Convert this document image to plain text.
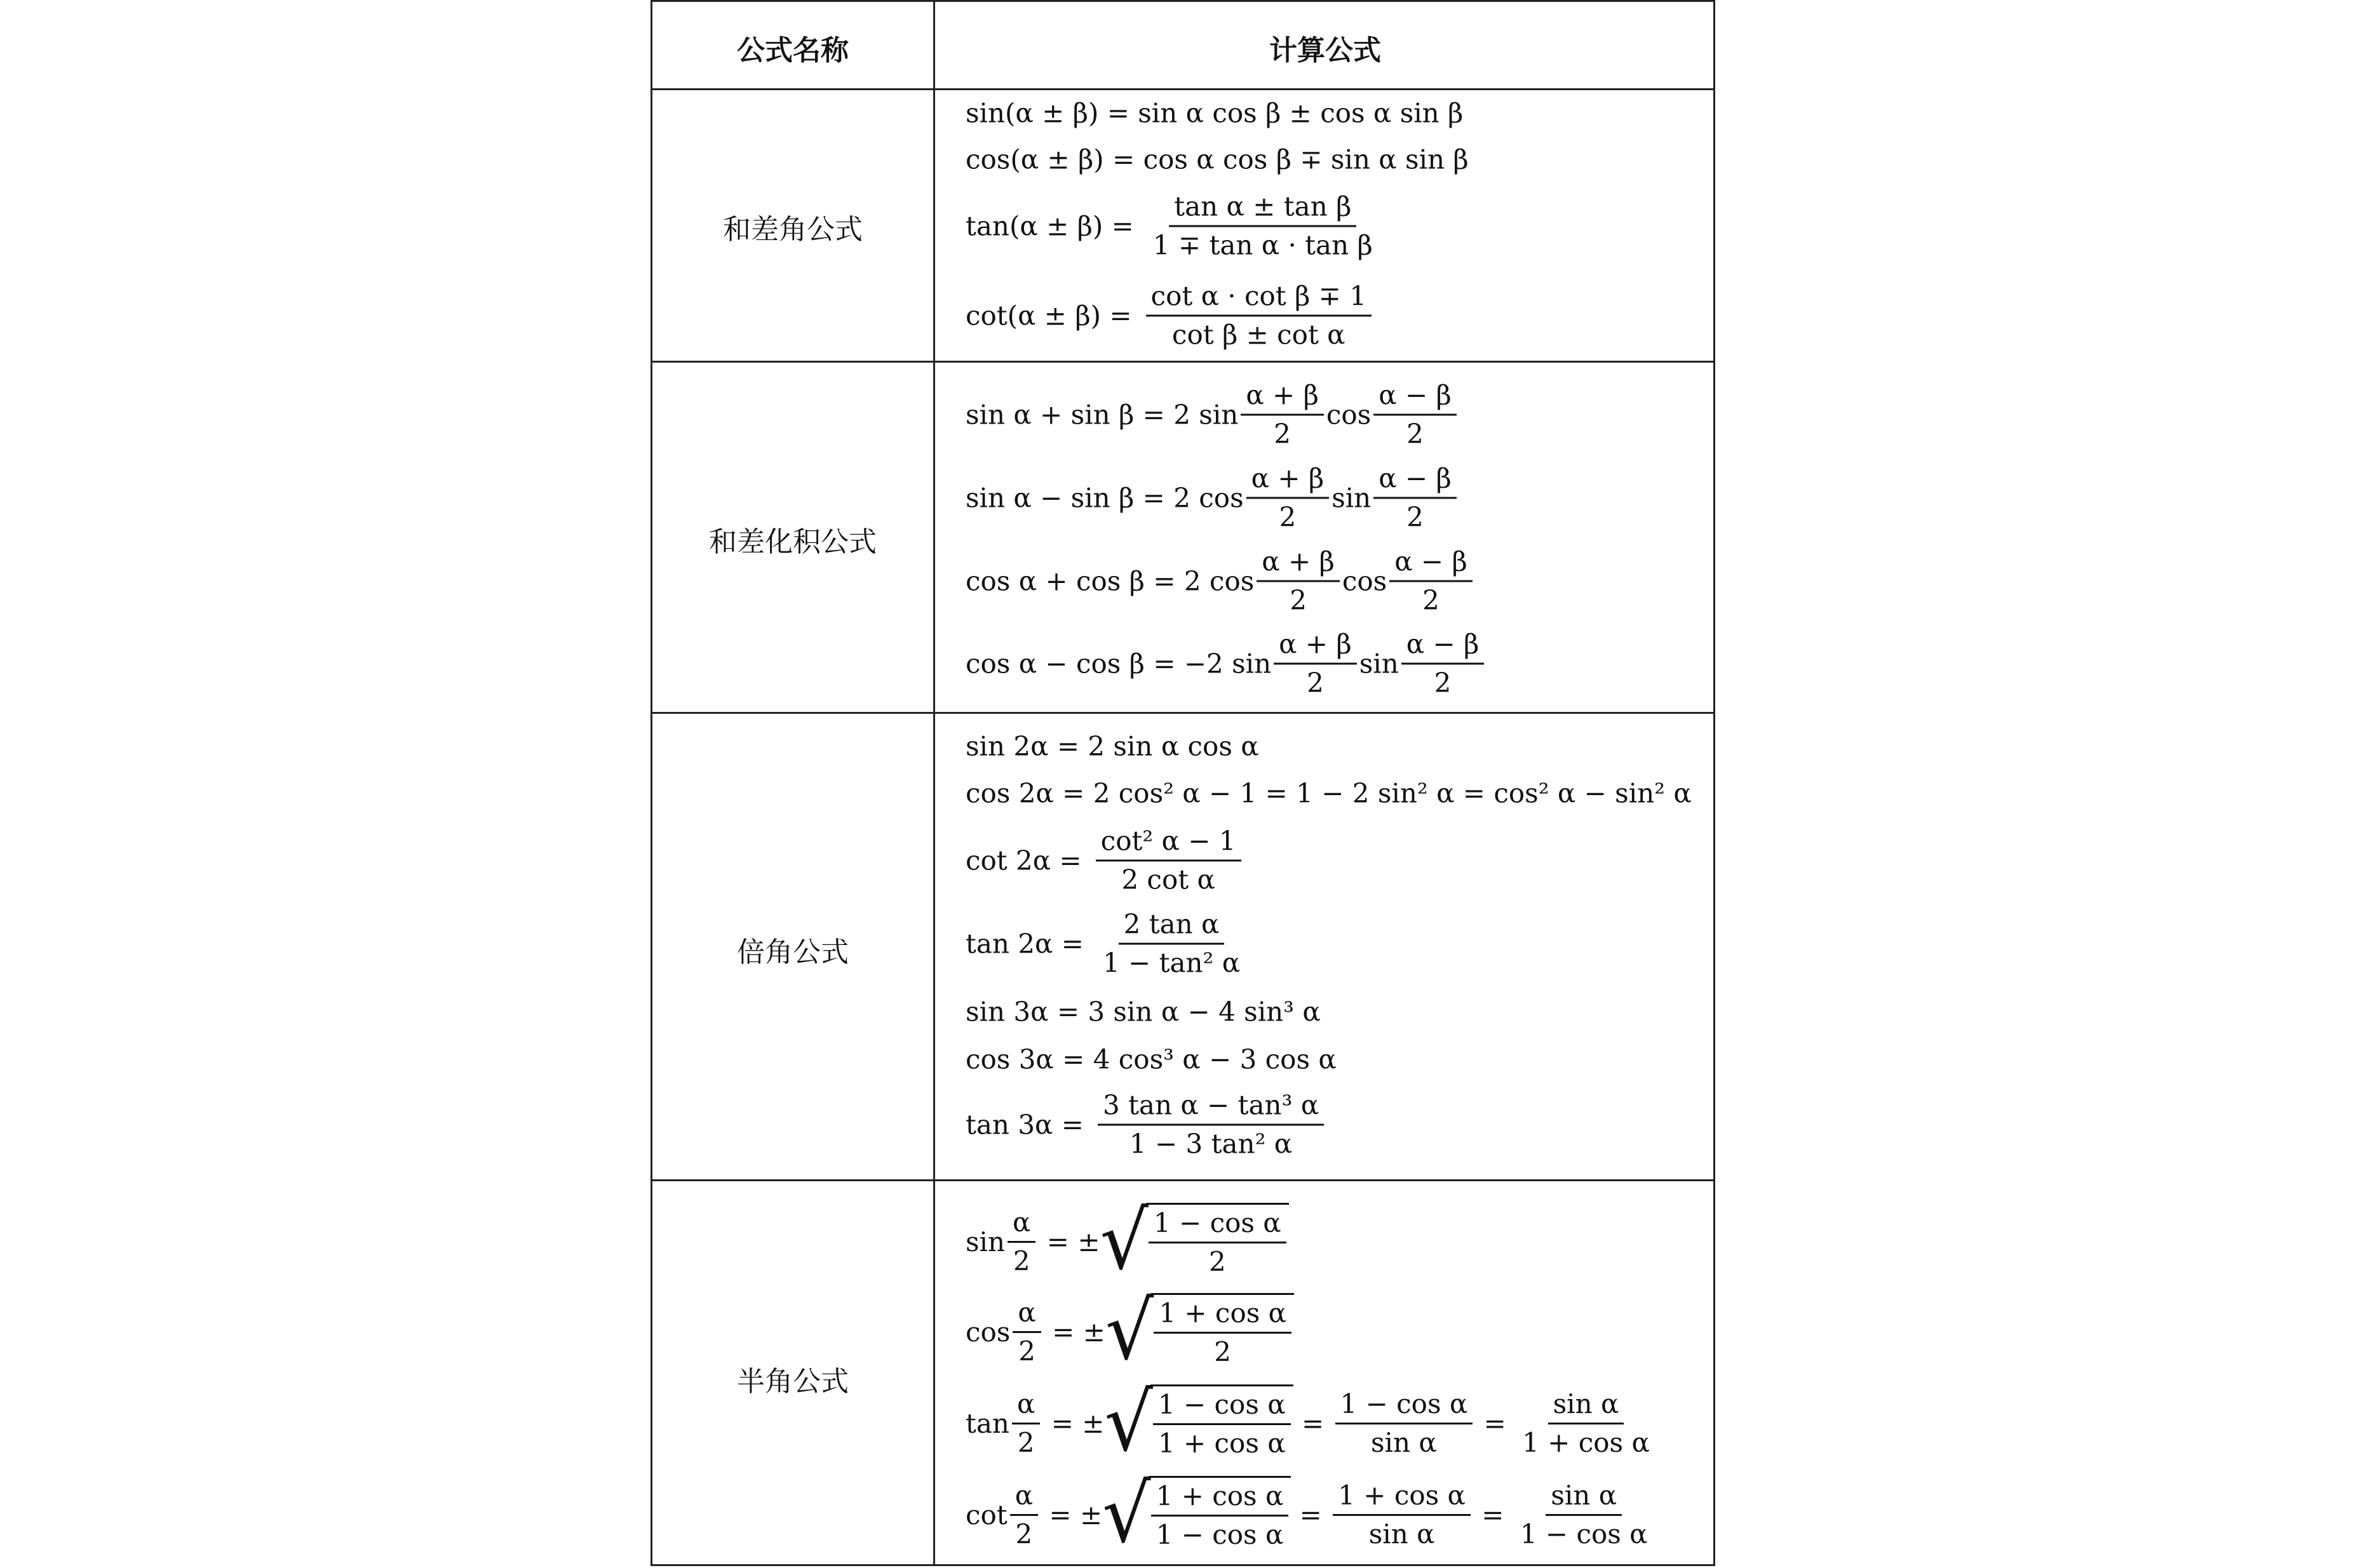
公式名称	计算公式
和差角公式
和差化积公式
倍角公式
半角公式
sin(α ± β) = sin α cos β ± cos α sin β
cos(α ± β) = cos α cos β ∓ sin α sin β
$\tan(\alpha \pm \beta) = \frac{\text{tan α ± tan β}}{\text{1 ∓ tan α · tan β}}$
$\cot(\alpha \pm \beta) = \frac{\text{cot α · cot β ∓ 1}}{\text{cot β ± cot α}}$
sin α + sin β = 2 $\sin \frac{\alpha + \beta}{2}$ $\cos \frac{\alpha - \beta}{2}$
sin α − sin β = 2 $\cos \frac{\alpha + \beta}{2}$ $\sin \frac{\alpha - \beta}{2}$
cos α + cos β = 2 $\cos \frac{\alpha + \beta}{2}$ $\cos \frac{\alpha - \beta}{2}$
cos α − cos β = −2 $\sin \frac{\alpha + \beta}{2}$ $\sin \frac{\alpha - \beta}{2}$
sin 2α = 2 sin α cos α
cos 2α = 2 cos² α − 1 = 1 − 2 sin² α = cos² α − sin² α
$\cot 2\alpha = \frac{\text{cot² α − 1}}{\text{2 cot α}}$
$\tan 2\alpha = \frac{\text{2 tan α}}{\text{1 − tan² α}}$
sin 3α = 3 sin α − 4 sin³ α
cos 3α = 4 cos³ α − 3 cos α
$\tan 3\alpha = \frac{\text{3 tan α − tan³ α}}{\text{1 − 3 tan² α}}$
$\sin \frac{\alpha}{2}$ = ± √ $\frac{\text{1 − cos α}}{2}$
$\cos \frac{\alpha}{2}$ = ± √ $\frac{\text{1 + cos α}}{2}$
$\tan \frac{\alpha}{2}$ = ± √ $\frac{\text{1 − cos α}}{\text{1 + cos α}} = \frac{\text{1 − cos α}}{\text{sin α}} = \frac{\text{sin α}}{\text{1 + cos α}}$
$\cot \frac{\alpha}{2}$ = ± √ $\frac{\text{1 + cos α}}{\text{1 − cos α}} = \frac{\text{1 + cos α}}{\text{sin α}} = \frac{\text{sin α}}{\text{1 − cos α}}$
